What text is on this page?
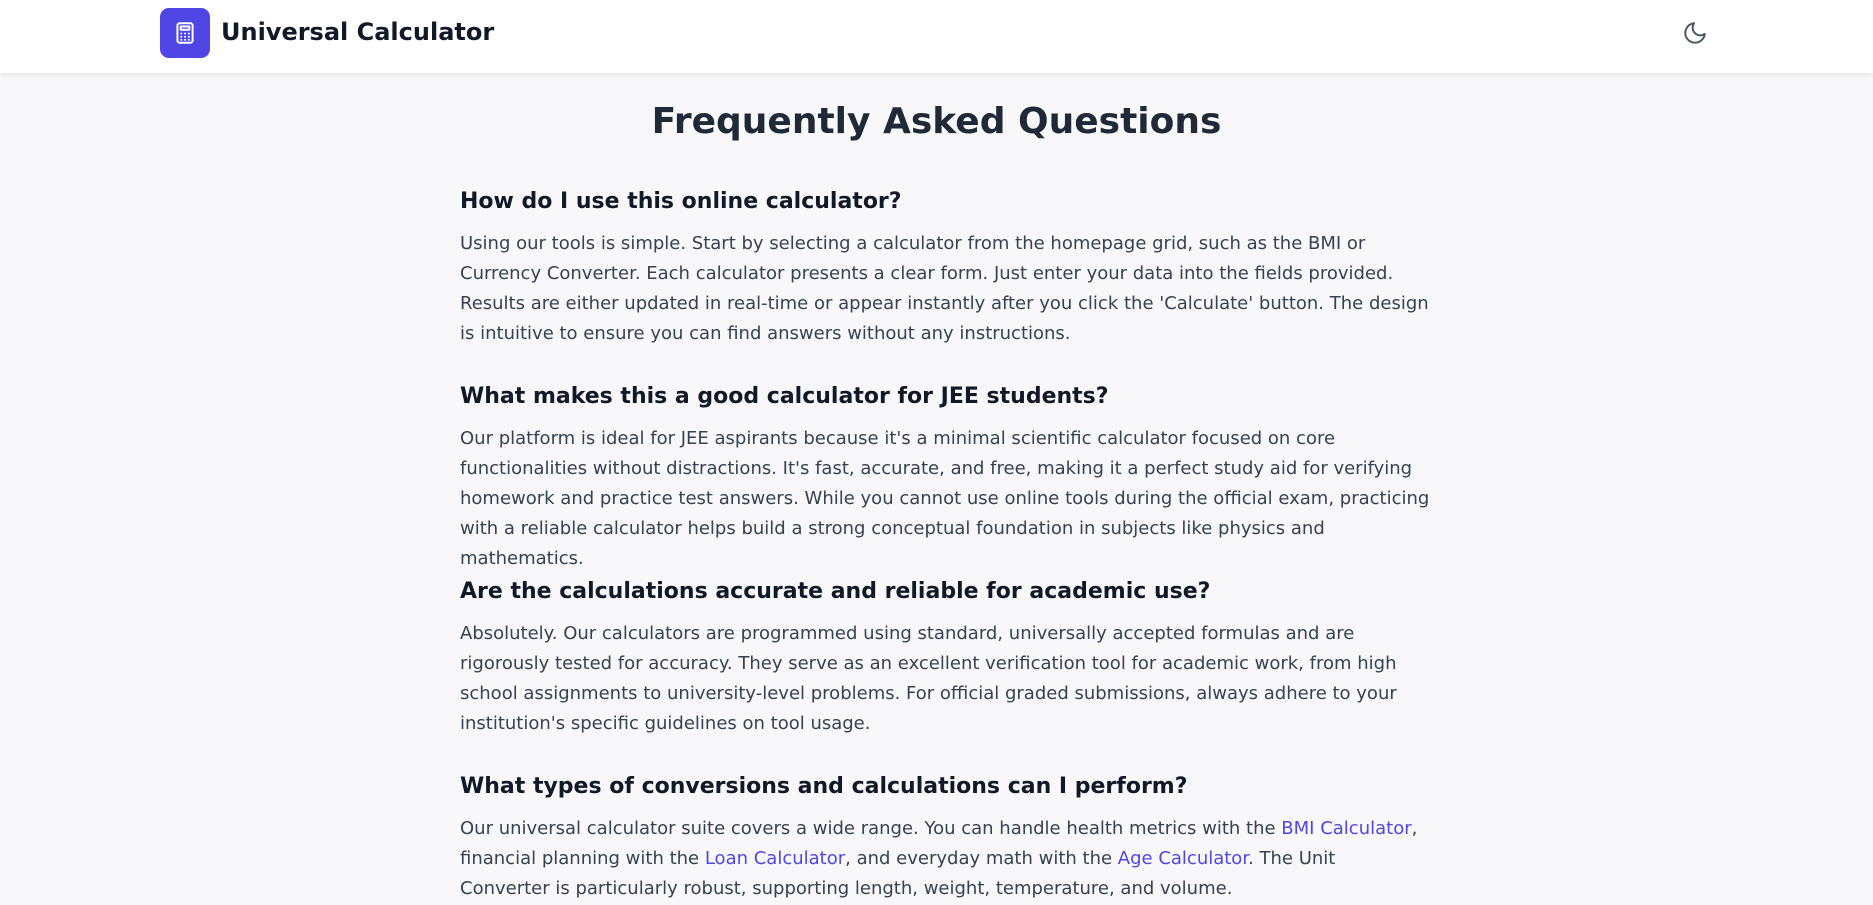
Universal Calculator
Frequently Asked Questions
How do I use this online calculator?

Using our tools is simple. Start by selecting a calculator from the homepage grid, such as the BMI or Currency Converter. Each calculator presents a clear form. Just enter your data into the fields provided. Results are either updated in real-time or appear instantly after you click the 'Calculate' button. The design is intuitive to ensure you can find answers without any instructions.

What makes this a good calculator for JEE students?

Our platform is ideal for JEE aspirants because it's a minimal scientific calculator focused on core functionalities without distractions. It's fast, accurate, and free, making it a perfect study aid for verifying homework and practice test answers. While you cannot use online tools during the official exam, practicing with a reliable calculator helps build a strong conceptual foundation in subjects like physics and mathematics.

Are the calculations accurate and reliable for academic use?

Absolutely. Our calculators are programmed using standard, universally accepted formulas and are rigorously tested for accuracy. They serve as an excellent verification tool for academic work, from high school assignments to university-level problems. For official graded submissions, always adhere to your institution's specific guidelines on tool usage.

What types of conversions and calculations can I perform?

Our universal calculator suite covers a wide range. You can handle health metrics with the BMI Calculator, financial planning with the Loan Calculator, and everyday math with the Age Calculator. The Unit Converter is particularly robust, supporting length, weight, temperature, and volume.
